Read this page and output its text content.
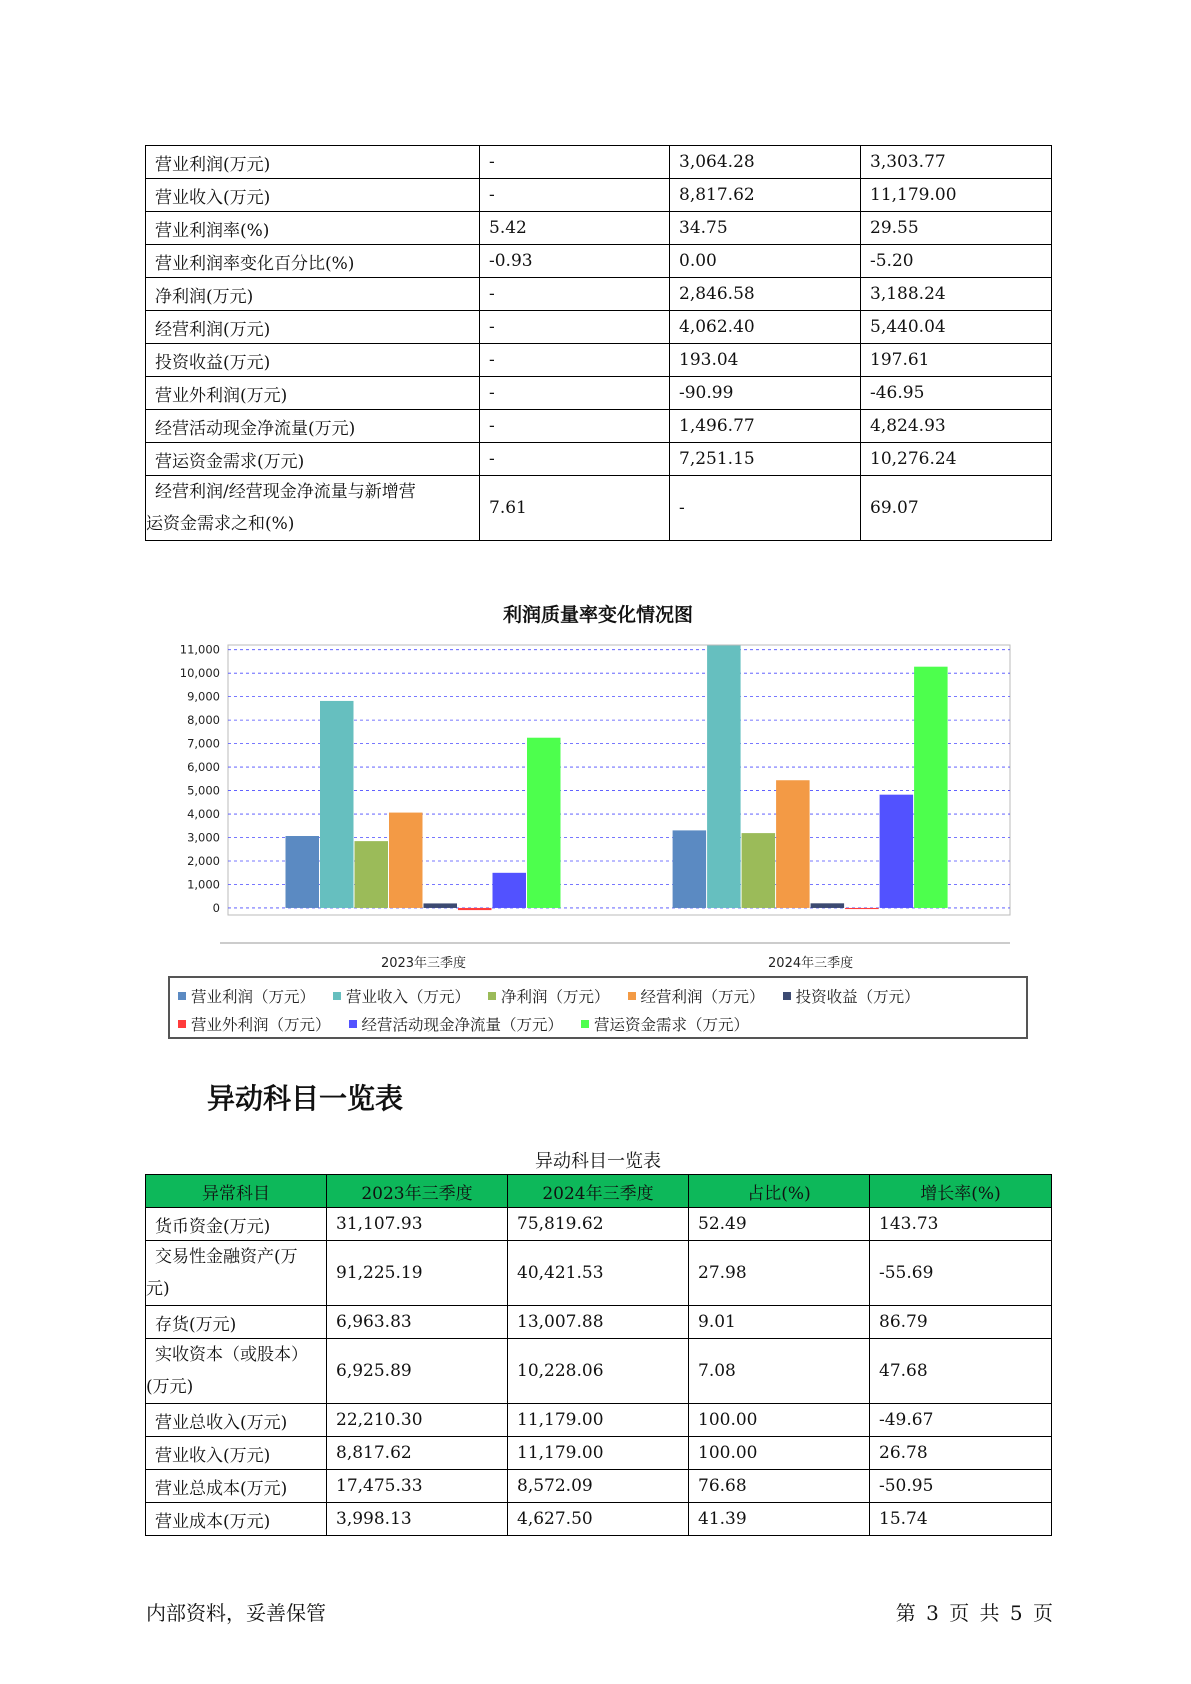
营业利润(万元)	-	3,064.28	3,303.77
营业收入(万元)	-	8,817.62	11,179.00
营业利润率(%)	5.42	34.75	29.55
营业利润率变化百分比(%)	-0.93	0.00	-5.20
净利润(万元)	-	2,846.58	3,188.24
经营利润(万元)	-	4,062.40	5,440.04
投资收益(万元)	-	193.04	197.61
营业外利润(万元)	-	-90.99	-46.95
经营活动现金净流量(万元)	-	1,496.77	4,824.93
营运资金需求(万元)	-	7,251.15	10,276.24

经营利润/经营现金净流量与新增营
运资金需求之和(%)	7.61	-	69.07
利润质量率变化情况图
0
1,000
2,000
3,000
4,000
5,000
6,000
7,000
8,000
9,000
10,000
11,000
2023年三季度	2024年三季度
营业利润（万元） 营业收入（万元） 净利润（万元） 经营利润（万元） 投资收益（万元）
营业外利润（万元） 经营活动现金净流量（万元） 营运资金需求（万元）
异动科目一览表
异动科目一览表
异常科目	2023年三季度	2024年三季度	占比(%)	增长率(%)
货币资金(万元)	31,107.93	75,819.62	52.49	143.73

交易性金融资产(万
元)	91,225.19	40,421.53	27.98	-55.69
存货(万元)	6,963.83	13,007.88	9.01	86.79

实收资本（或股本）
(万元)	6,925.89	10,228.06	7.08	47.68
营业总收入(万元)	22,210.30	11,179.00	100.00	-49.67
营业收入(万元)	8,817.62	11,179.00	100.00	26.78
营业总成本(万元)	17,475.33	8,572.09	76.68	-50.95
营业成本(万元)	3,998.13	4,627.50	41.39	15.74
内部资料，妥善保管	第 3 页 共 5 页
